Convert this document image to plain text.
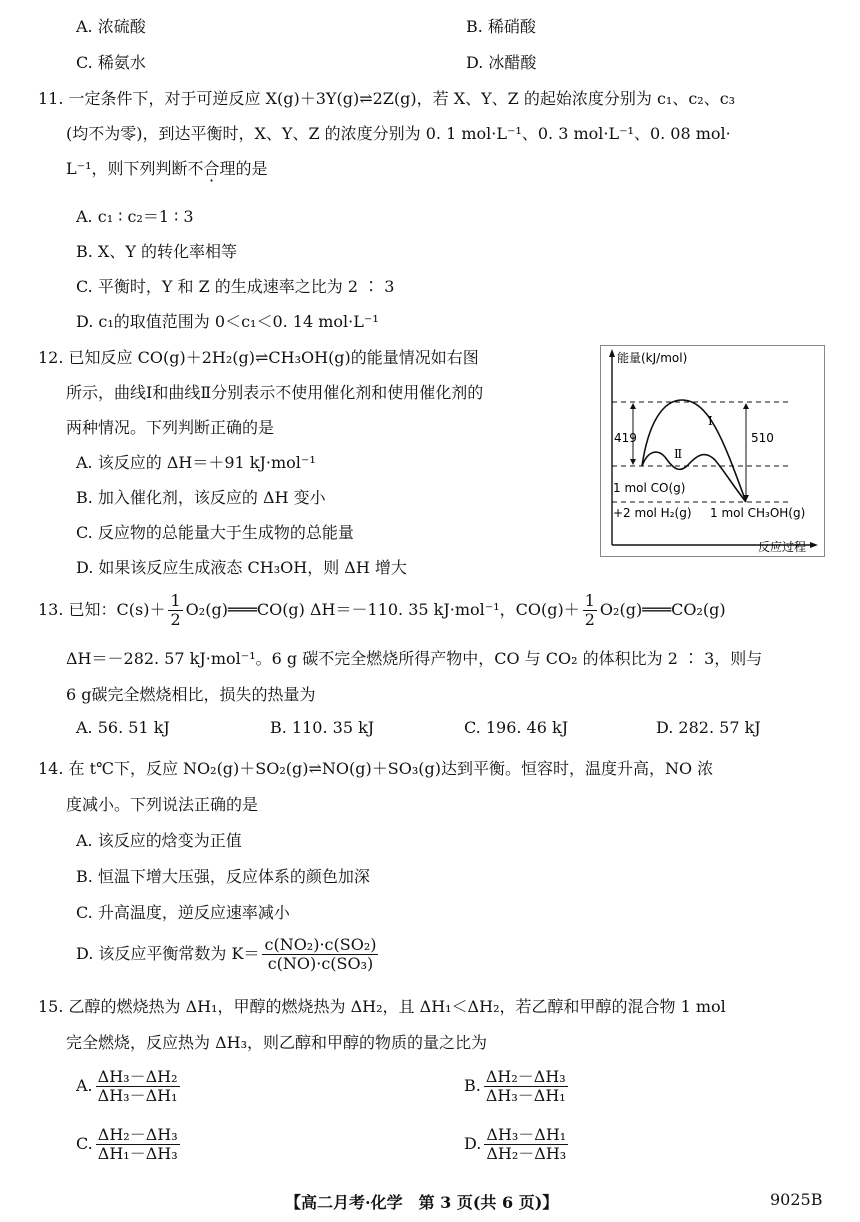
A. 浓硫酸	B. 稀硝酸
C. 稀氨水	D. 冰醋酸
11. 一定条件下，对于可逆反应 X(g)＋3Y(g)⇌2Z(g)，若 X、Y、Z 的起始浓度分别为 c₁、c₂、c₃
(均不为零)，到达平衡时，X、Y、Z 的浓度分别为 0. 1 mol·L⁻¹、0. 3 mol·L⁻¹、0. 08 mol·
L⁻¹，则下列判断不合理的是
A. c₁ ∶ c₂＝1 ∶ 3
B. X、Y 的转化率相等
C. 平衡时，Y 和 Z 的生成速率之比为 2 ∶ 3
D. c₁的取值范围为 0＜c₁＜0. 14 mol·L⁻¹
12. 已知反应 CO(g)＋2H₂(g)⇌CH₃OH(g)的能量情况如右图
所示，曲线Ⅰ和曲线Ⅱ分别表示不使用催化剂和使用催化剂的
两种情况。下列判断正确的是
A. 该反应的 ΔH＝＋91 kJ·mol⁻¹
B. 加入催化剂，该反应的 ΔH 变小
C. 反应物的总能量大于生成物的总能量
D. 如果该反应生成液态 CH₃OH，则 ΔH 增大
能量(kJ/mol)
反应过程
419	510
Ⅰ
Ⅱ
1 mol CO(g)
+2 mol H₂(g) 1 mol CH₃OH(g)
13. 已知：$C(s)+ \frac{1}{2}$ O₂(g)═══CO(g) ΔH＝－110. 35 kJ·mol⁻¹，$CO(g)+ \frac{1}{2}$ O₂(g)═══CO₂(g)
ΔH＝－282. 57 kJ·mol⁻¹。6 g 碳不完全燃烧所得产物中，CO 与 CO₂ 的体积比为 2 ∶ 3，则与
6 g碳完全燃烧相比，损失的热量为
A. 56. 51 kJ	B. 110. 35 kJ	C. 196. 46 kJ	D. 282. 57 kJ
14. 在 t℃下，反应 NO₂(g)＋SO₂(g)⇌NO(g)＋SO₃(g)达到平衡。恒容时，温度升高，NO 浓
度减小。下列说法正确的是
A. 该反应的焓变为正值
B. 恒温下增大压强，反应体系的颜色加深
C. 升高温度，逆反应速率减小
D. 该反应平衡常数为 $K= \frac{\text{c(NO₂)·c(SO₂)}}{\text{c(NO)·c(SO₃)}}$
15. 乙醇的燃烧热为 ΔH₁，甲醇的燃烧热为 ΔH₂，且 ΔH₁＜ΔH₂，若乙醇和甲醇的混合物 1 mol
完全燃烧，反应热为 ΔH₃，则乙醇和甲醇的物质的量之比为
A. $\frac{\text{ΔH₃－ΔH₂}}{\text{ΔH₃－ΔH₁}}$	B. $\frac{\text{ΔH₂－ΔH₃}}{\text{ΔH₃－ΔH₁}}$
C. $\frac{\text{ΔH₂－ΔH₃}}{\text{ΔH₁－ΔH₃}}$	D. $\frac{\text{ΔH₃－ΔH₁}}{\text{ΔH₂－ΔH₃}}$
【高二月考·化学　第 3 页(共 6 页)】	9025B
